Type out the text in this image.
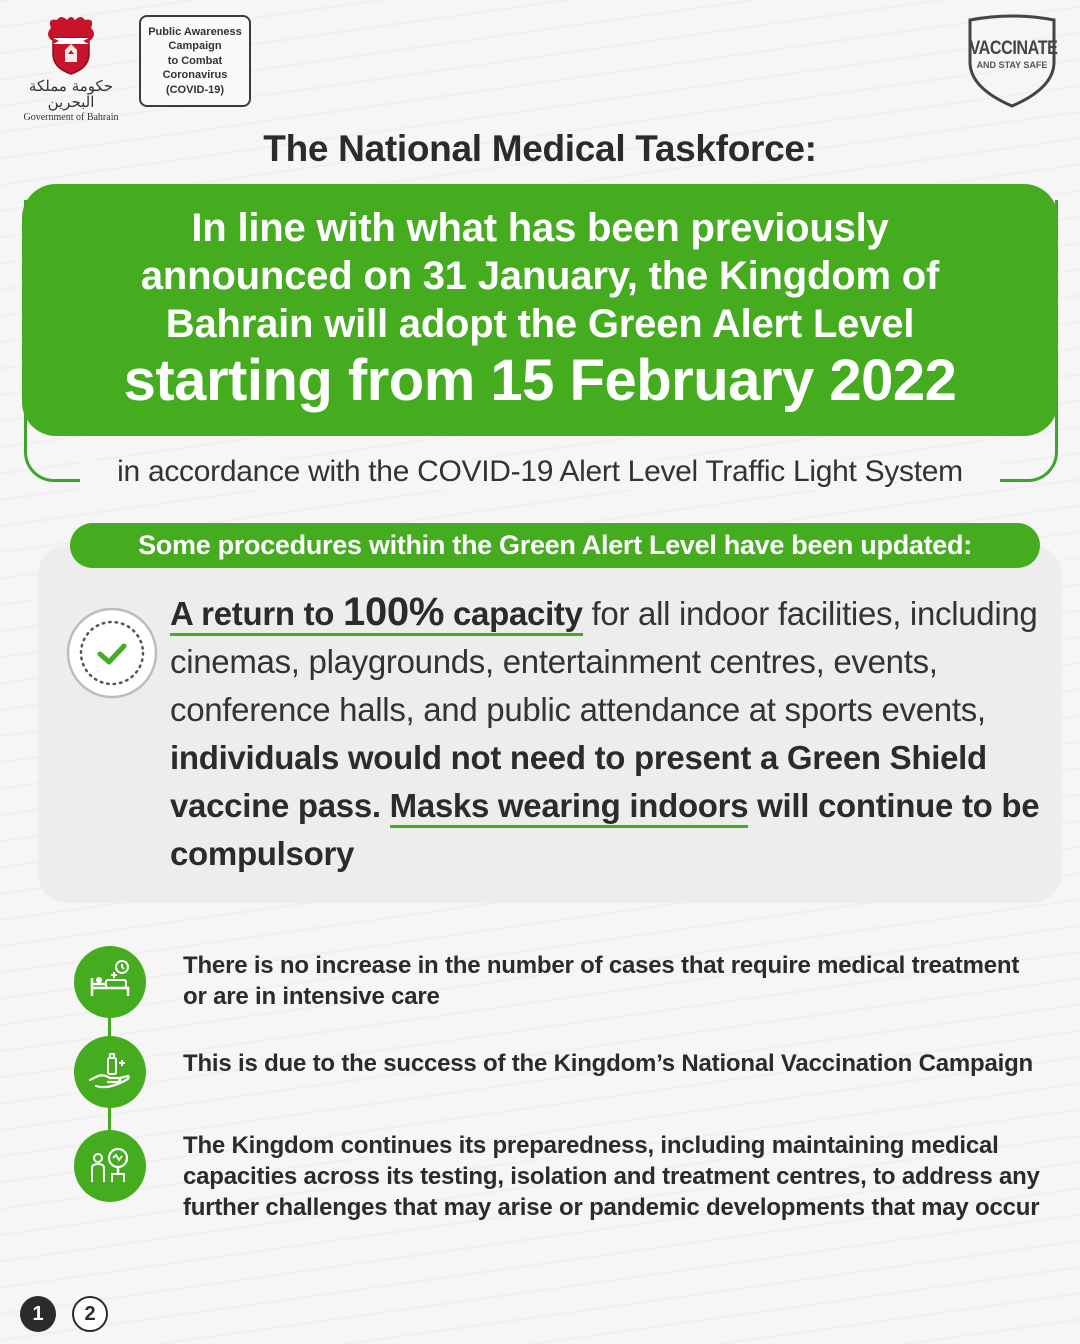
حكومة مملكة البحرين
Government of Bahrain
Public Awareness
Campaign
to Combat
Coronavirus
(COVID-19)
VACCINATE
AND STAY SAFE
The National Medical Taskforce:
In line with what has been previously
announced on 31 January, the Kingdom of
Bahrain will adopt the Green Alert Level
starting from 15 February 2022
in accordance with the COVID-19 Alert Level Traffic Light System
Some procedures within the Green Alert Level have been updated:
A return to 100% capacity for all indoor facilities, including cinemas, playgrounds, entertainment centres, events, conference halls, and public attendance at sports events, individuals would not need to present a Green Shield vaccine pass. Masks wearing indoors will continue to be compulsory
There is no increase in the number of cases that require medical treatment or are in intensive care
This is due to the success of the Kingdom’s National Vaccination Campaign
The Kingdom continues its preparedness, including maintaining medical capacities across its testing, isolation and treatment centres, to address any further challenges that may arise or pandemic developments that may occur
1	2
